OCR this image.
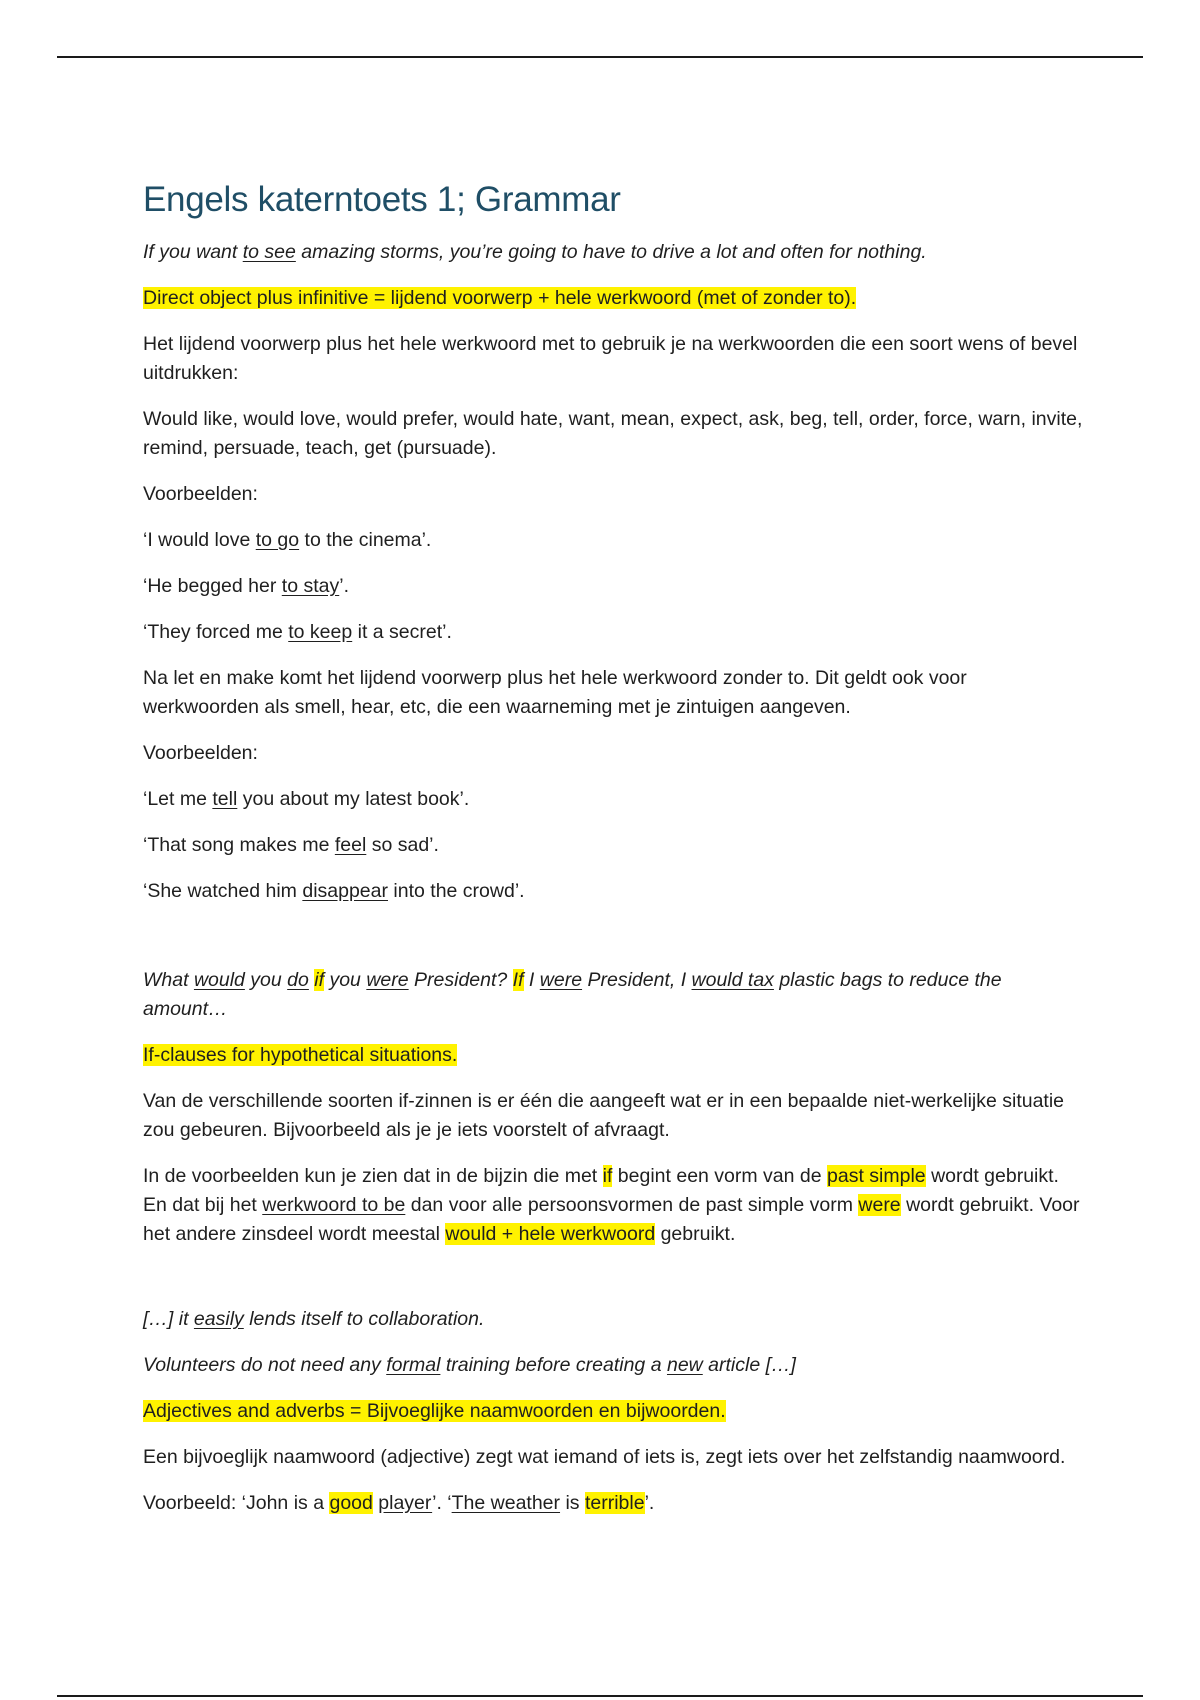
Engels katerntoets 1; Grammar

If you want to see amazing storms, you’re going to have to drive a lot and often for nothing.

Direct object plus infinitive = lijdend voorwerp + hele werkwoord (met of zonder to).

Het lijdend voorwerp plus het hele werkwoord met to gebruik je na werkwoorden die een soort wens of bevel uitdrukken:

Would like, would love, would prefer, would hate, want, mean, expect, ask, beg, tell, order, force, warn, invite, remind, persuade, teach, get (pursuade).

Voorbeelden:

‘I would love to go to the cinema’.

‘He begged her to stay’.

‘They forced me to keep it a secret’.

Na let en make komt het lijdend voorwerp plus het hele werkwoord zonder to. Dit geldt ook voor werkwoorden als smell, hear, etc, die een waarneming met je zintuigen aangeven.

Voorbeelden:

‘Let me tell you about my latest book’.

‘That song makes me feel so sad’.

‘She watched him disappear into the crowd’.

What would you do if you were President? If I were President, I would tax plastic bags to reduce the amount…

If-clauses for hypothetical situations.

Van de verschillende soorten if-zinnen is er één die aangeeft wat er in een bepaalde niet-werkelijke situatie zou gebeuren. Bijvoorbeeld als je je iets voorstelt of afvraagt.

In de voorbeelden kun je zien dat in de bijzin die met if begint een vorm van de past simple wordt gebruikt. En dat bij het werkwoord to be dan voor alle persoonsvormen de past simple vorm were wordt gebruikt. Voor het andere zinsdeel wordt meestal would + hele werkwoord gebruikt.

[…] it easily lends itself to collaboration.

Volunteers do not need any formal training before creating a new article […]

Adjectives and adverbs = Bijvoeglijke naamwoorden en bijwoorden.

Een bijvoeglijk naamwoord (adjective) zegt wat iemand of iets is, zegt iets over het zelfstandig naamwoord.

Voorbeeld: ‘John is a good player’. ‘The weather is terrible’.
